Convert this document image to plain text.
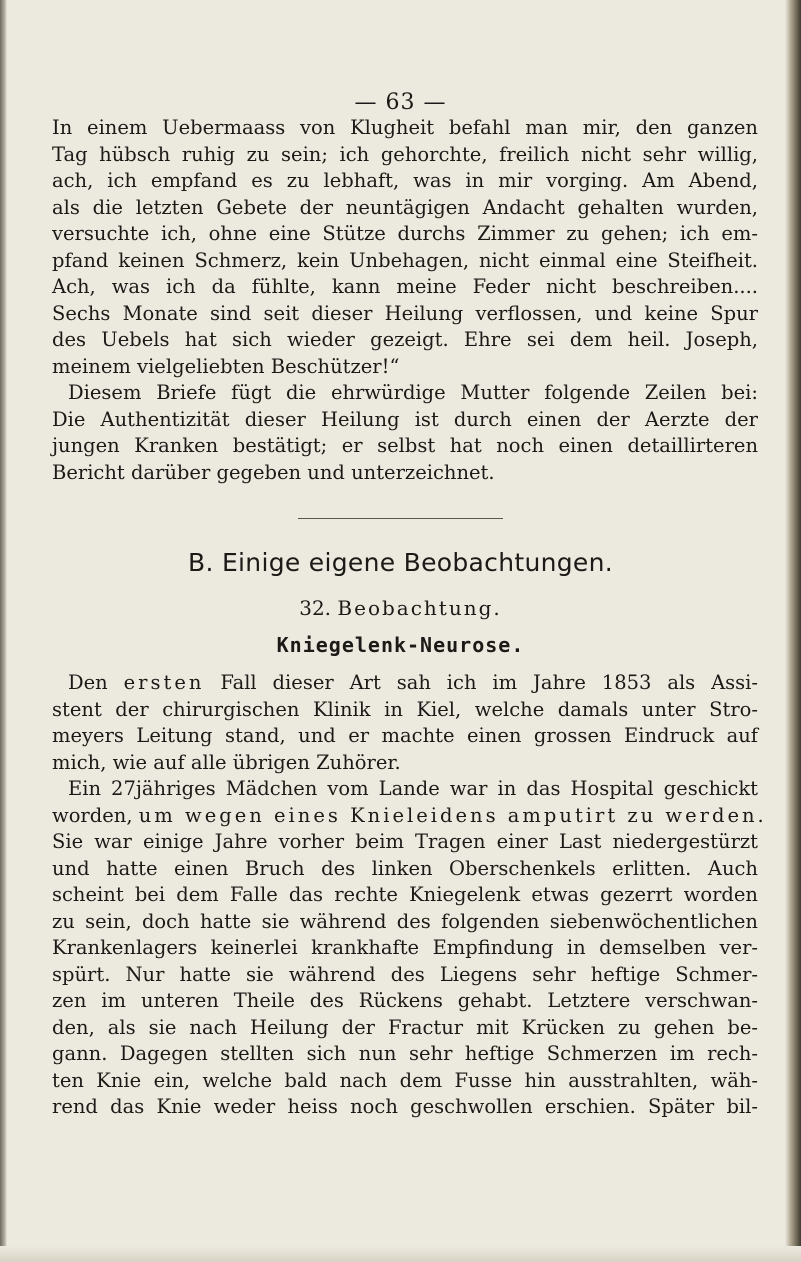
— 63 —
In einem Uebermaass von Klugheit befahl man mir, den ganzen
Tag hübsch ruhig zu sein; ich gehorchte, freilich nicht sehr willig,
ach, ich empfand es zu lebhaft, was in mir vorging. Am Abend,
als die letzten Gebete der neuntägigen Andacht gehalten wurden,
versuchte ich, ohne eine Stütze durchs Zimmer zu gehen; ich em-
pfand keinen Schmerz, kein Unbehagen, nicht einmal eine Steifheit.
Ach, was ich da fühlte, kann meine Feder nicht beschreiben....
Sechs Monate sind seit dieser Heilung verflossen, und keine Spur
des Uebels hat sich wieder gezeigt. Ehre sei dem heil. Joseph,
meinem vielgeliebten Beschützer!“
Diesem Briefe fügt die ehrwürdige Mutter folgende Zeilen bei:
Die Authentizität dieser Heilung ist durch einen der Aerzte der
jungen Kranken bestätigt; er selbst hat noch einen detaillirteren
Bericht darüber gegeben und unterzeichnet.
B. Einige eigene Beobachtungen.
32. Beobachtung.
Kniegelenk-Neurose.
Den ersten Fall dieser Art sah ich im Jahre 1853 als Assi-
stent der chirurgischen Klinik in Kiel, welche damals unter Stro-
meyers Leitung stand, und er machte einen grossen Eindruck auf
mich, wie auf alle übrigen Zuhörer.
Ein 27jähriges Mädchen vom Lande war in das Hospital geschickt
worden, um wegen eines Knieleidens amputirt zu werden.
Sie war einige Jahre vorher beim Tragen einer Last niedergestürzt
und hatte einen Bruch des linken Oberschenkels erlitten. Auch
scheint bei dem Falle das rechte Kniegelenk etwas gezerrt worden
zu sein, doch hatte sie während des folgenden siebenwöchentlichen
Krankenlagers keinerlei krankhafte Empfindung in demselben ver-
spürt. Nur hatte sie während des Liegens sehr heftige Schmer-
zen im unteren Theile des Rückens gehabt. Letztere verschwan-
den, als sie nach Heilung der Fractur mit Krücken zu gehen be-
gann. Dagegen stellten sich nun sehr heftige Schmerzen im rech-
ten Knie ein, welche bald nach dem Fusse hin ausstrahlten, wäh-
rend das Knie weder heiss noch geschwollen erschien. Später bil-
